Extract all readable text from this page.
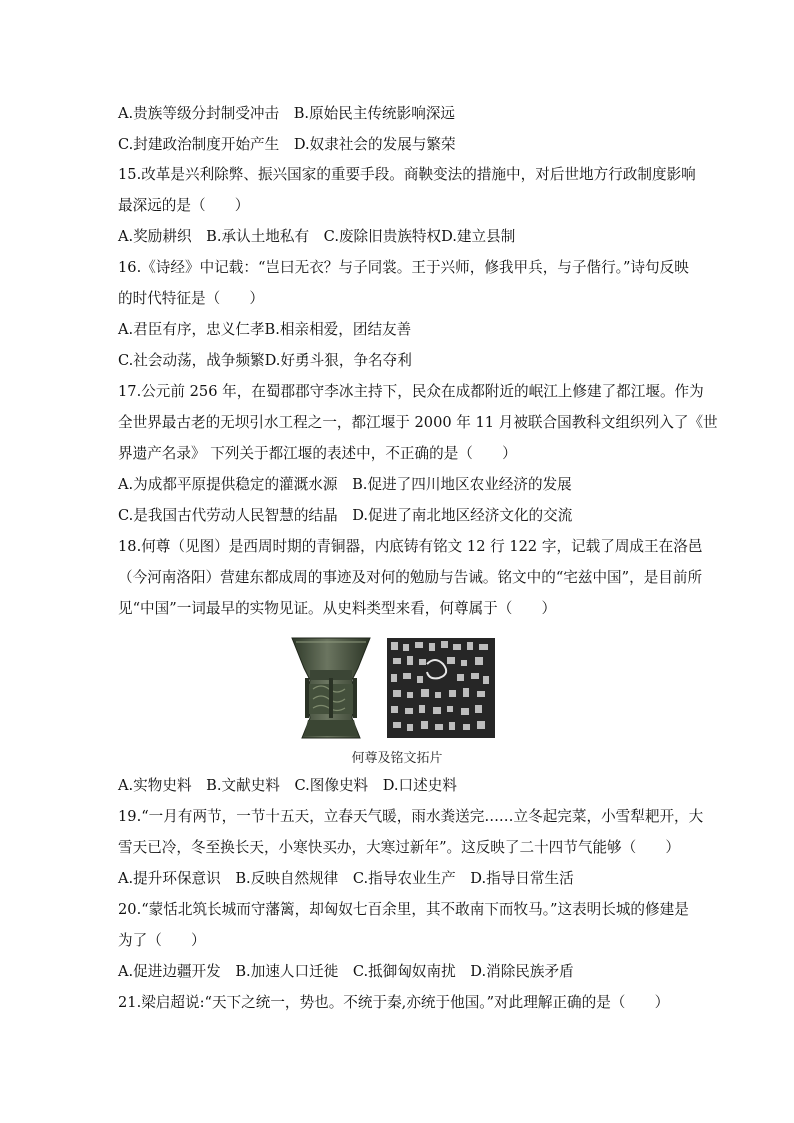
A.贵族等级分封制受冲击　B.原始民主传统影响深远
C.封建政治制度开始产生　D.奴隶社会的发展与繁荣
15.改革是兴利除弊、振兴国家的重要手段。商鞅变法的措施中，对后世地方行政制度影响
最深远的是（　　）
A.奖励耕织　B.承认土地私有　C.废除旧贵族特权D.建立县制
16.《诗经》中记载：“岂曰无衣？与子同裳。王于兴师，修我甲兵，与子偕行。”诗句反映
的时代特征是（　　）
A.君臣有序，忠义仁孝B.相亲相爱，团结友善
C.社会动荡，战争频繁D.好勇斗狠，争名夺利
17.公元前 256 年，在蜀郡郡守李冰主持下，民众在成都附近的岷江上修建了都江堰。作为
全世界最古老的无坝引水工程之一，都江堰于 2000 年 11 月被联合国教科文组织列入了《世
界遗产名录》 下列关于都江堰的表述中，不正确的是（　　）
A.为成都平原提供稳定的灌溉水源　B.促进了四川地区农业经济的发展
C.是我国古代劳动人民智慧的结晶　D.促进了南北地区经济文化的交流
18.何尊（见图）是西周时期的青铜器，内底铸有铭文 12 行 122 字，记载了周成王在洛邑
（今河南洛阳）营建东都成周的事迹及对何的勉励与告诫。铭文中的“宅兹中国”，是目前所
见“中国”一词最早的实物见证。从史料类型来看，何尊属于（　　）
A.实物史料　B.文献史料　C.图像史料　D.口述史料
19.“一月有两节，一节十五天，立春天气暖，雨水粪送完……立冬起完菜，小雪犁耙开，大
雪天已冷，冬至换长天，小寒快买办，大寒过新年”。这反映了二十四节气能够（　　）
A.提升环保意识　B.反映自然规律　C.指导农业生产　D.指导日常生活
20.“蒙恬北筑长城而守藩篱，却匈奴七百余里，其不敢南下而牧马。”这表明长城的修建是
为了（　　）
A.促进边疆开发　B.加速人口迁徙　C.抵御匈奴南扰　D.消除民族矛盾
21.梁启超说:“天下之统一，势也。不统于秦,亦统于他国。”对此理解正确的是（　　）
何尊及铭文拓片
